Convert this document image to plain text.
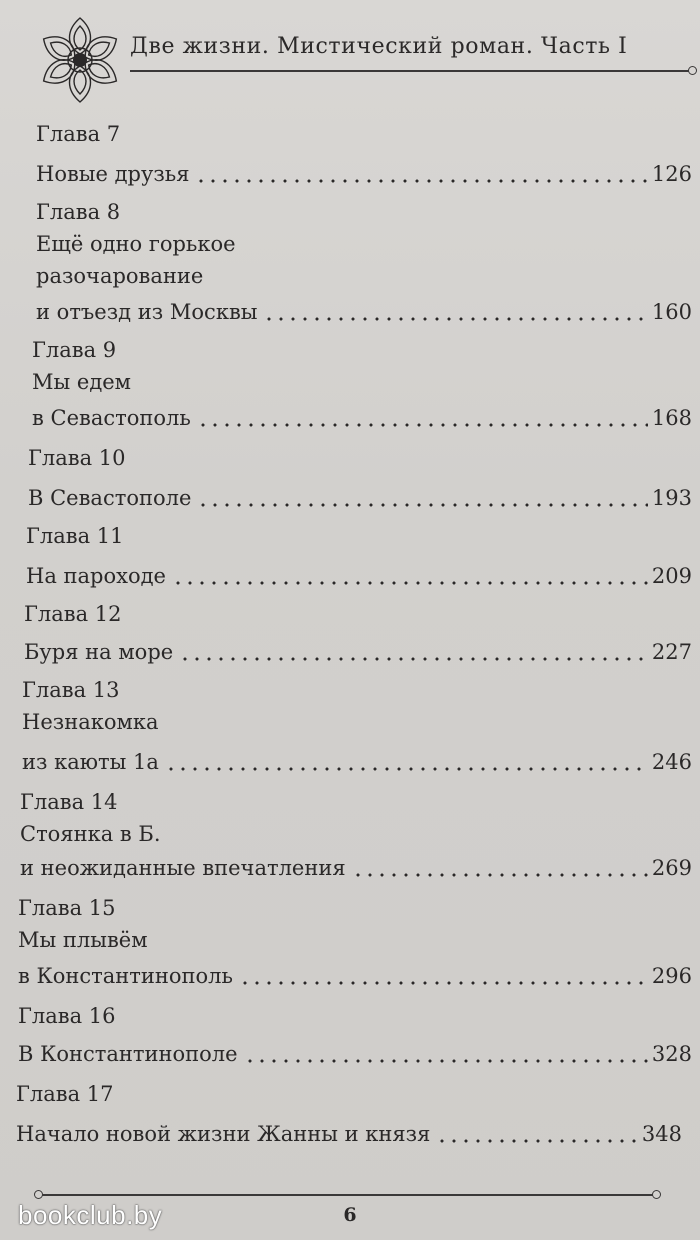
Две жизни. Мистический роман. Часть I
Глава 7
Новые друзья	126
Глава 8
Ещё одно горькое
разочарование
и отъезд из Москвы	160
Глава 9
Мы едем
в Севастополь	168
Глава 10
В Севастополе	193
Глава 11
На пароходе	209
Глава 12
Буря на море	227
Глава 13
Незнакомка
из каюты 1а	246
Глава 14
Стоянка в Б.
и неожиданные впечатления	269
Глава 15
Мы плывём
в Константинополь	296
Глава 16
В Константинополе	328
Глава 17
Начало новой жизни Жанны и князя	348
6
bookclub.by
